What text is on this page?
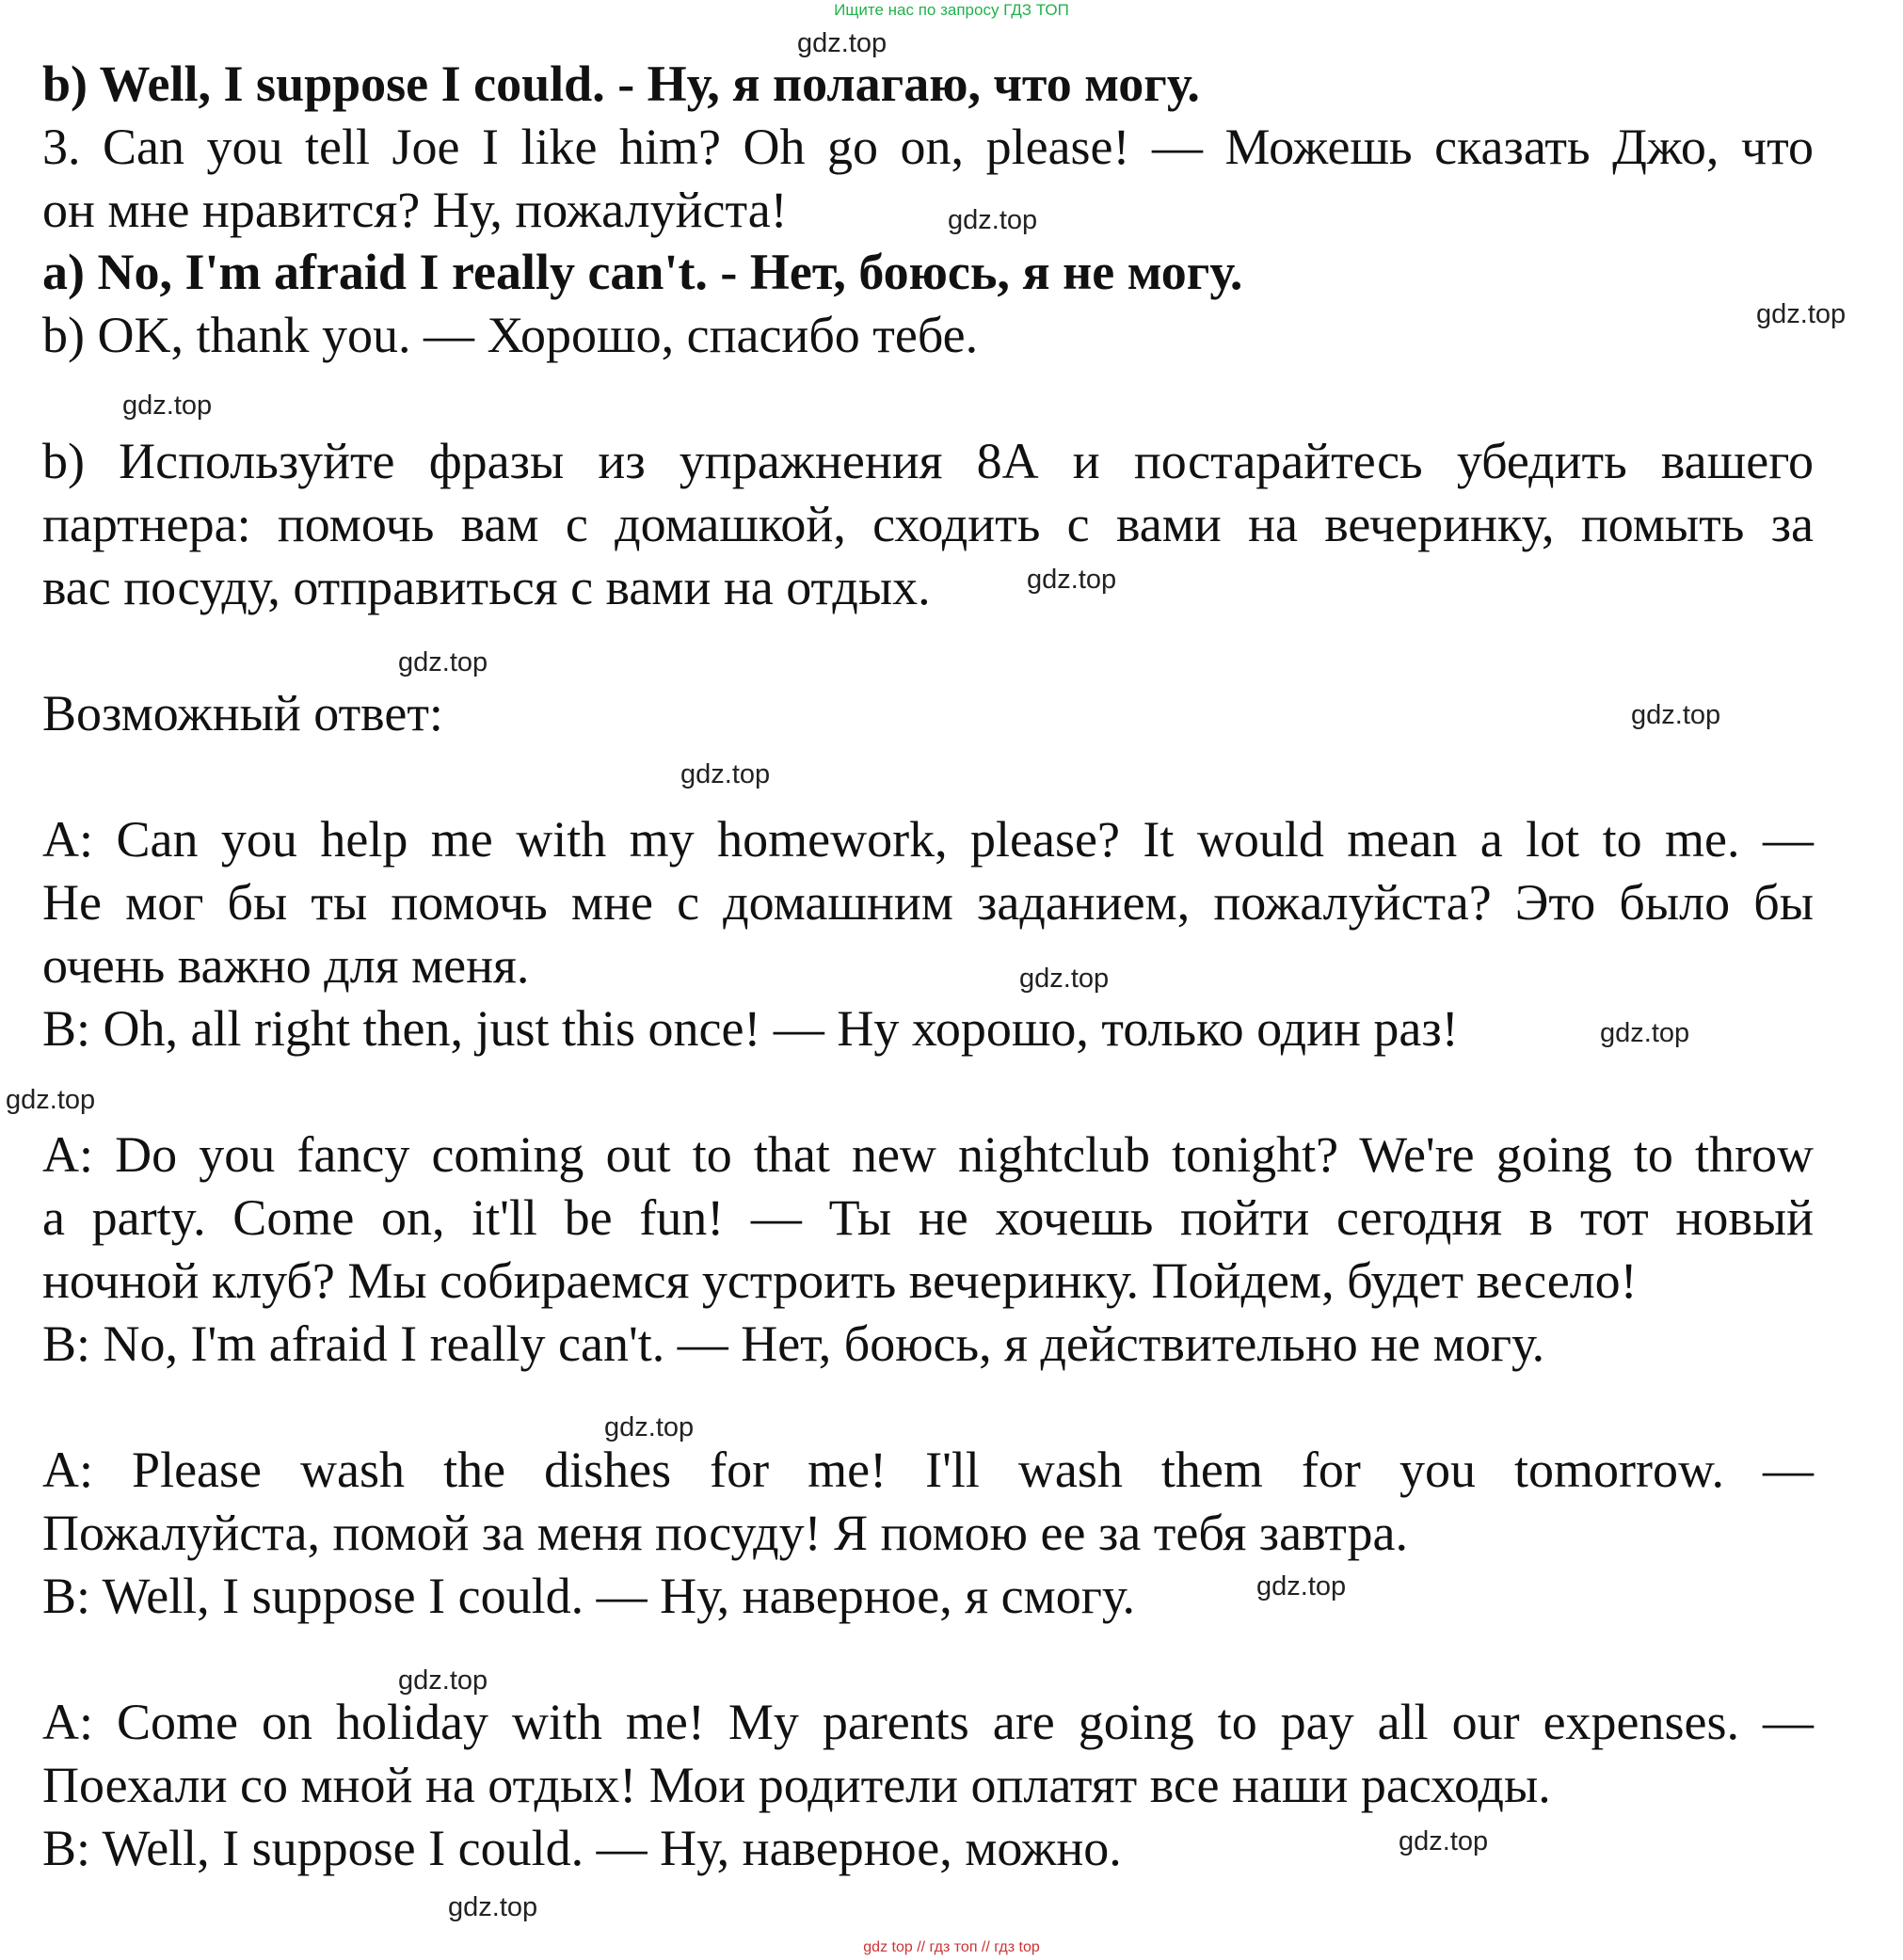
Ищите нас по запросу ГДЗ ТОП
b) Well, I suppose I could. - Ну, я полагаю, что могу.
3. Can you tell Joe I like him? Oh go on, please! — Можешь сказать Джо, что
он мне нравится? Ну, пожалуйста!
a) No, I'm afraid I really can't. - Нет, боюсь, я не могу.
b) OK, thank you. — Хорошо, спасибо тебе.
b) Используйте фразы из упражнения 8А и постарайтесь убедить вашего
партнера: помочь вам с домашкой, сходить с вами на вечеринку, помыть за
вас посуду, отправиться с вами на отдых.
Возможный ответ:
A: Can you help me with my homework, please? It would mean a lot to me. —
Не мог бы ты помочь мне с домашним заданием, пожалуйста? Это было бы
очень важно для меня.
B: Oh, all right then, just this once! — Ну хорошо, только один раз!
A: Do you fancy coming out to that new nightclub tonight? We're going to throw
a party. Come on, it'll be fun! — Ты не хочешь пойти сегодня в тот новый
ночной клуб? Мы собираемся устроить вечеринку. Пойдем, будет весело!
B: No, I'm afraid I really can't. — Нет, боюсь, я действительно не могу.
A: Please wash the dishes for me! I'll wash them for you tomorrow. —
Пожалуйста, помой за меня посуду! Я помою ее за тебя завтра.
B: Well, I suppose I could. — Ну, наверное, я смогу.
A: Come on holiday with me! My parents are going to pay all our expenses. —
Поехали со мной на отдых! Мои родители оплатят все наши расходы.
B: Well, I suppose I could. — Ну, наверное, можно.
gdz.top
gdz.top
gdz.top
gdz.top
gdz.top
gdz.top
gdz.top
gdz.top
gdz.top
gdz.top
gdz.top
gdz.top
gdz.top
gdz.top
gdz.top
gdz.top
gdz top // гдз топ // гдз top
